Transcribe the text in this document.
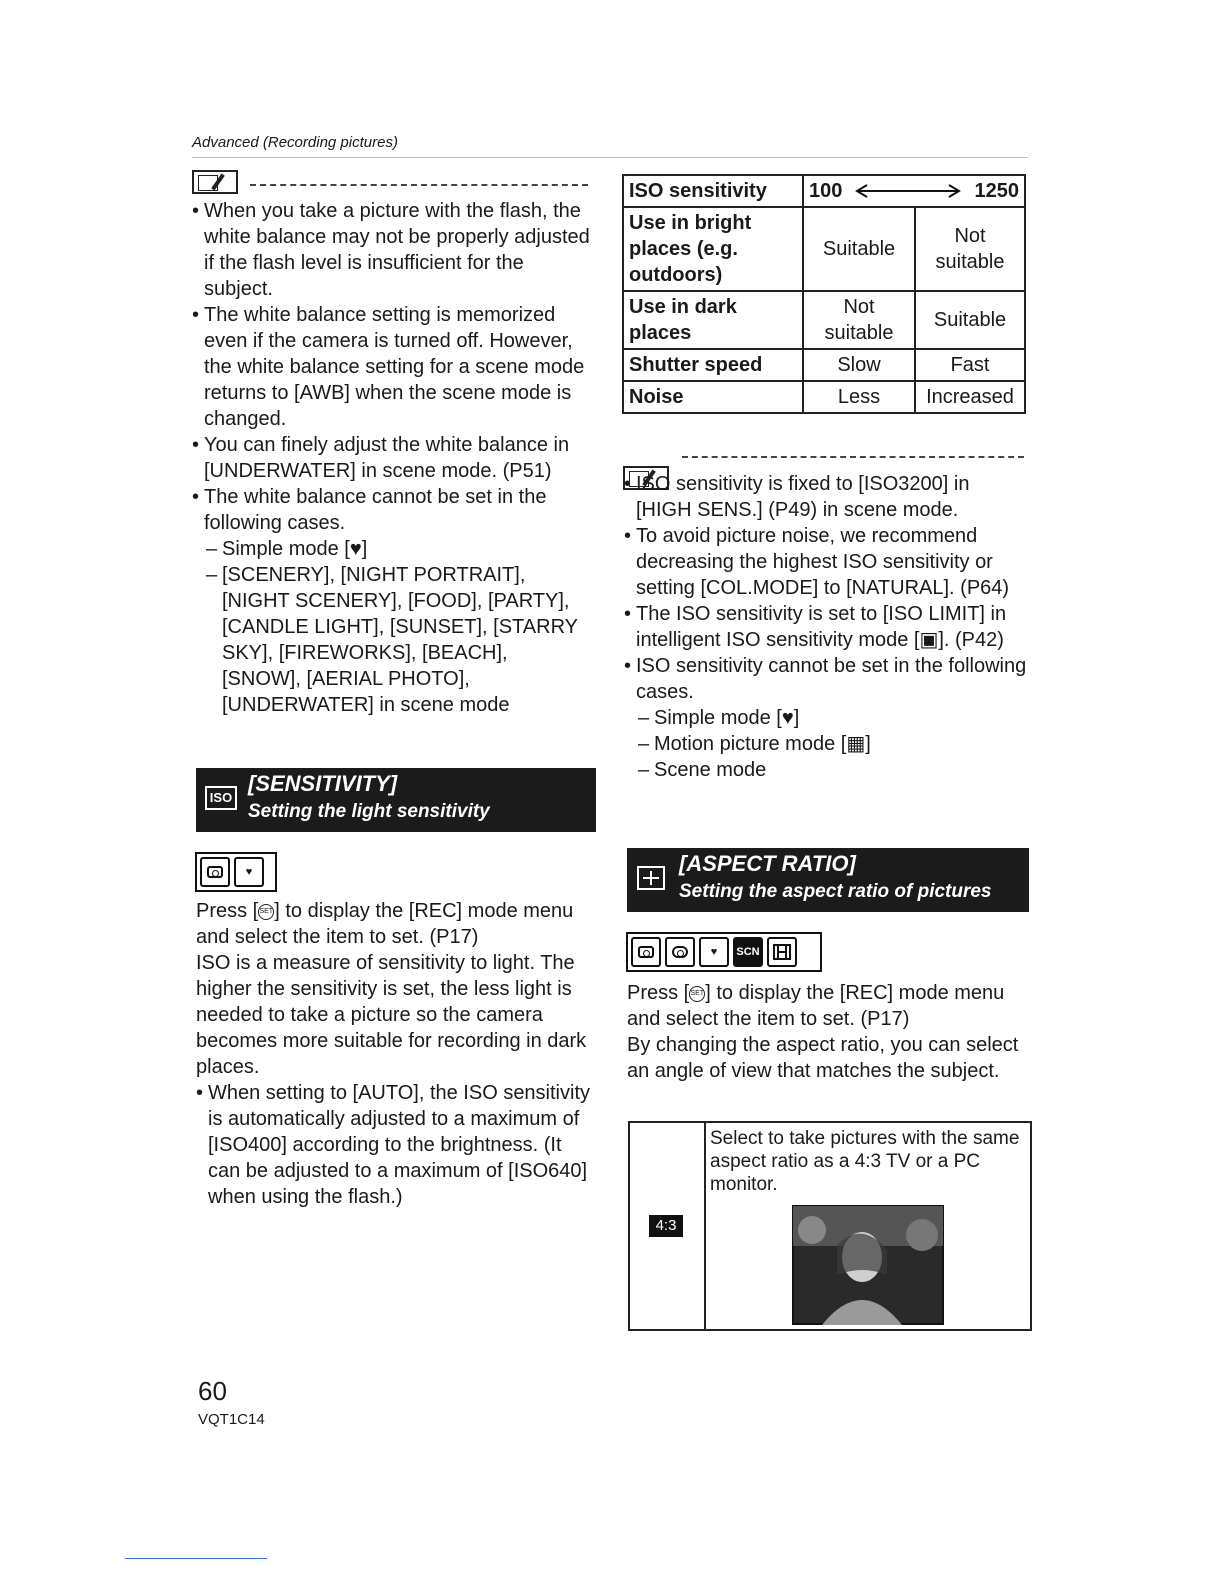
Advanced (Recording pictures)
• When you take a picture with the flash, the white balance may not be properly adjusted if the flash level is insufficient for the subject.
• The white balance setting is memorized even if the camera is turned off. However, the white balance setting for a scene mode returns to [AWB] when the scene mode is changed.
• You can finely adjust the white balance in [UNDERWATER] in scene mode. (P51)
• The white balance cannot be set in the following cases.
– Simple mode [♥]
– [SCENERY], [NIGHT PORTRAIT], [NIGHT SCENERY], [FOOD], [PARTY], [CANDLE LIGHT], [SUNSET], [STARRY SKY], [FIREWORKS], [BEACH], [SNOW], [AERIAL PHOTO], [UNDERWATER] in scene mode
ISO
[SENSITIVITY]
Setting the light sensitivity
♥
Press [SET] to display the [REC] mode menu and select the item to set. (P17)
ISO is a measure of sensitivity to light. The higher the sensitivity is set, the less light is needed to take a picture so the camera becomes more suitable for recording in dark places.
• When setting to [AUTO], the ISO sensitivity is automatically adjusted to a maximum of [ISO400] according to the brightness. (It can be adjusted to a maximum of [ISO640] when using the flash.)
ISO sensitivity	100 1250	

Use in bright places (e.g. outdoors)	Suitable	Not suitable
Use in dark places	Not suitable	Suitable
Shutter speed	Slow	Fast
Noise	Less	Increased
• ISO sensitivity is fixed to [ISO3200] in [HIGH SENS.] (P49) in scene mode.
• To avoid picture noise, we recommend decreasing the highest ISO sensitivity or setting [COL.MODE] to [NATURAL]. (P64)
• The ISO sensitivity is set to [ISO LIMIT] in intelligent ISO sensitivity mode [▣]. (P42)
• ISO sensitivity cannot be set in the following cases.
– Simple mode [♥]
– Motion picture mode [▦]
– Scene mode
[ASPECT RATIO]
Setting the aspect ratio of pictures
♥	SCN
Press [SET] to display the [REC] mode menu and select the item to set. (P17)
By changing the aspect ratio, you can select an angle of view that matches the subject.
4:3
Select to take pictures with the same aspect ratio as a 4:3 TV or a PC monitor.
60
VQT1C14
